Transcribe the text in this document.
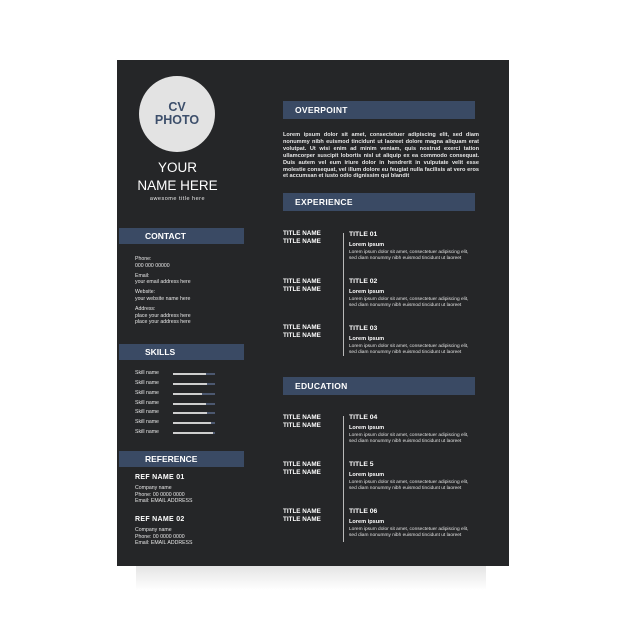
CV
PHOTO
YOUR
NAME HERE
awesome title here
CONTACT
Phone:
000 000 00000
Email:
your email address here
Website:
your website name here
Address:
place your address here
place your address here
SKILLS
Skill name
Skill name
Skill name
Skill name
Skill name
Skill name
Skill name
REFERENCE
REF NAME 01
Company name
Phone: 00 0000 0000
Email: EMAIL ADDRESS
REF NAME 02
Company name
Phone: 00 0000 0000
Email: EMAIL ADDRESS
OVERPOINT
Lorem ipsum dolor sit amet, consectetuer adipiscing elit, sed diam nonummy nibh euismod tincidunt ut laoreet dolore magna aliquam erat volutpat. Ut wisi enim ad minim veniam, quis nostrud exerci tation ullamcorper suscipit lobortis nisl ut aliquip ex ea commodo consequat. Duis autem vel eum iriure dolor in hendrerit in vulputate velit esse molestie consequat, vel illum dolore eu feugiat nulla facilisis at vero eros et accumsan et iusto odio dignissim qui blandit
EXPERIENCE
TITLE NAME
TITLE NAME
TITLE 01
Lorem ipsum
Lorem ipsum dolor sit amet, consectetuer adipiscing elit, sed diam nonummy nibh euismod tincidunt ut laoreet
TITLE NAME
TITLE NAME
TITLE 02
Lorem ipsum
Lorem ipsum dolor sit amet, consectetuer adipiscing elit, sed diam nonummy nibh euismod tincidunt ut laoreet
TITLE NAME
TITLE NAME
TITLE 03
Lorem ipsum
Lorem ipsum dolor sit amet, consectetuer adipiscing elit, sed diam nonummy nibh euismod tincidunt ut laoreet
EDUCATION
TITLE NAME
TITLE NAME
TITLE 04
Lorem ipsum
Lorem ipsum dolor sit amet, consectetuer adipiscing elit, sed diam nonummy nibh euismod tincidunt ut laoreet
TITLE NAME
TITLE NAME
TITLE 5
Lorem ipsum
Lorem ipsum dolor sit amet, consectetuer adipiscing elit, sed diam nonummy nibh euismod tincidunt ut laoreet
TITLE NAME
TITLE NAME
TITLE 06
Lorem ipsum
Lorem ipsum dolor sit amet, consectetuer adipiscing elit, sed diam nonummy nibh euismod tincidunt ut laoreet
